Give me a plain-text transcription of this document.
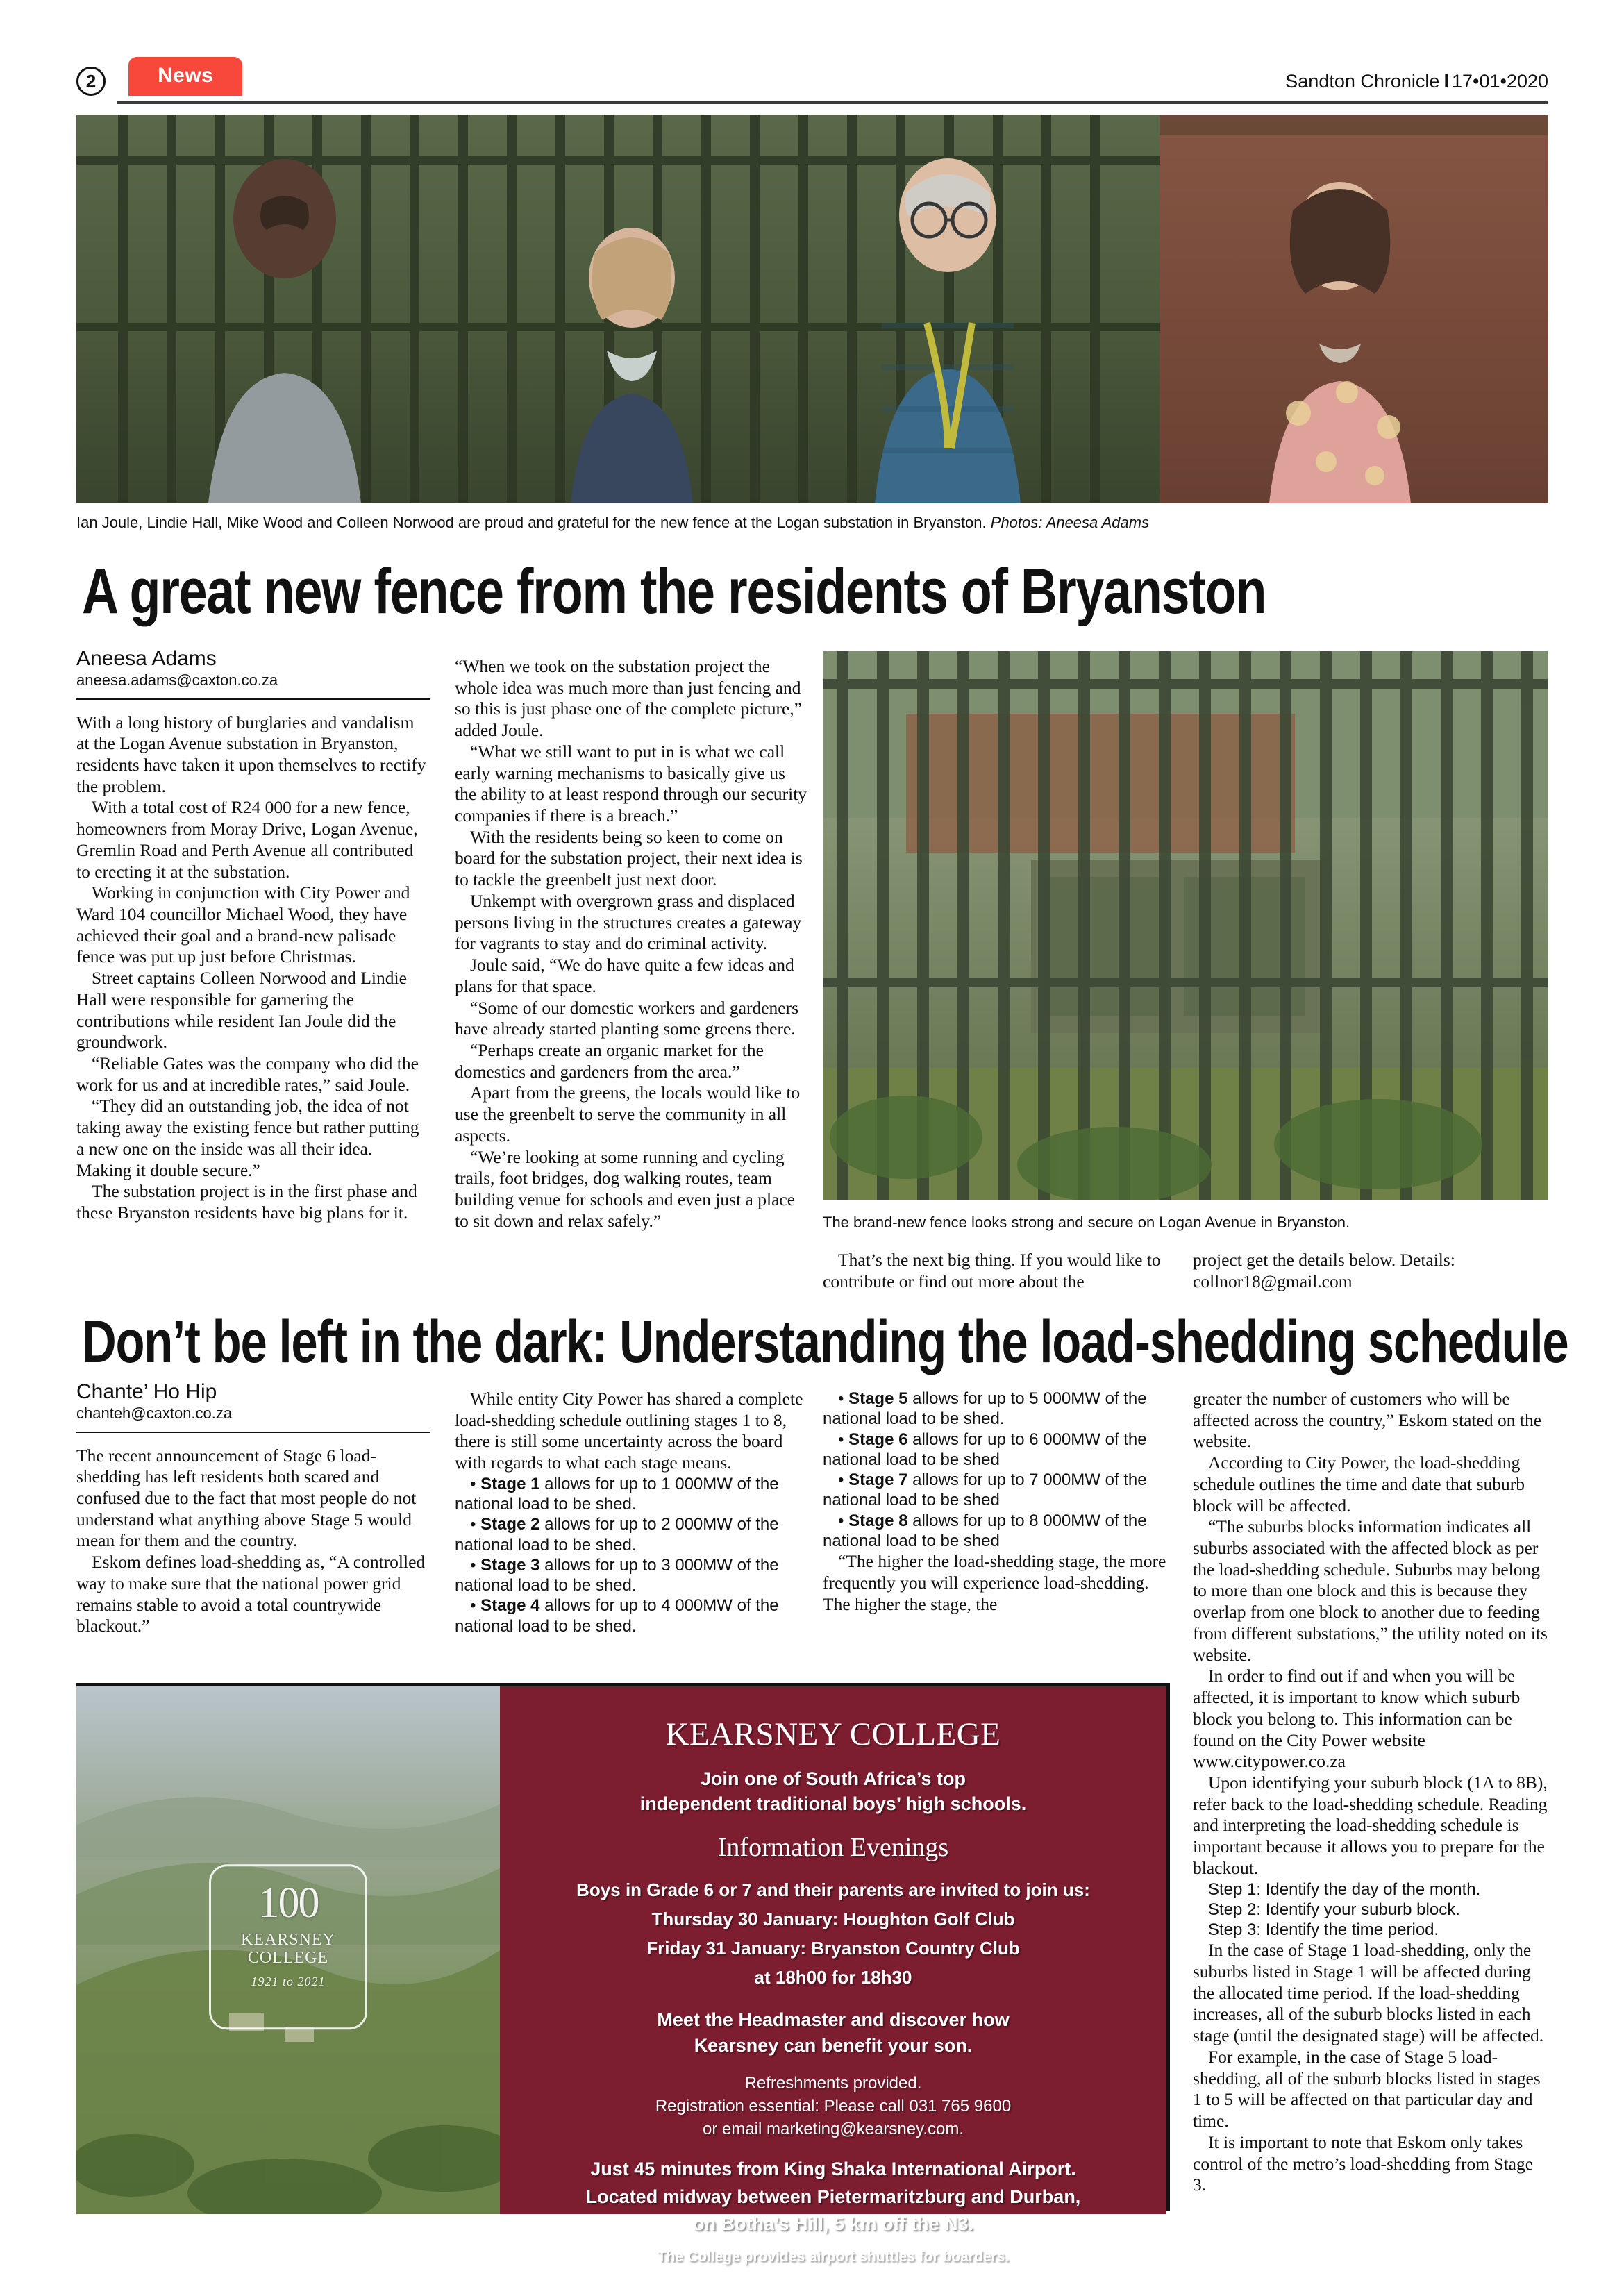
2	News	Sandton Chronicle l 17•01•2020
Ian Joule, Lindie Hall, Mike Wood and Colleen Norwood are proud and grateful for the new fence at the Logan substation in Bryanston. Photos: Aneesa Adams
A great new fence from the residents of Bryanston
Aneesa Adams
aneesa.adams@caxton.co.za

With a long history of burglaries and vandalism at the Logan Avenue substation in Bryanston, residents have taken it upon themselves to rectify the problem.

With a total cost of R24 000 for a new fence, homeowners from Moray Drive, Logan Avenue, Gremlin Road and Perth Avenue all contributed to erecting it at the substation.

Working in conjunction with City Power and Ward 104 councillor Michael Wood, they have achieved their goal and a brand-new palisade fence was put up just before Christmas.

Street captains Colleen Norwood and Lindie Hall were responsible for garnering the contributions while resident Ian Joule did the groundwork.

“Reliable Gates was the company who did the work for us and at incredible rates,” said Joule.

“They did an outstanding job, the idea of not taking away the existing fence but rather putting a new one on the inside was all their idea. Making it double secure.”

The substation project is in the first phase and these Bryanston residents have big plans for it.

“When we took on the substation project the whole idea was much more than just fencing and so this is just phase one of the complete picture,” added Joule.

“What we still want to put in is what we call early warning mechanisms to basically give us the ability to at least respond through our security companies if there is a breach.”

With the residents being so keen to come on board for the substation project, their next idea is to tackle the greenbelt just next door.

Unkempt with overgrown grass and displaced persons living in the structures creates a gateway for vagrants to stay and do criminal activity.

Joule said, “We do have quite a few ideas and plans for that space.

“Some of our domestic workers and gardeners have already started planting some greens there.

“Perhaps create an organic market for the domestics and gardeners from the area.”

Apart from the greens, the locals would like to use the greenbelt to serve the community in all aspects.

“We’re looking at some running and cycling trails, foot bridges, dog walking routes, team building venue for schools and even just a place to sit down and relax safely.”	The brand-new fence looks strong and secure on Logan Avenue in Bryanston.

That’s the next big thing. If you would like to contribute or find out more about the

project get the details below. Details: collnor18@gmail.com

Don’t be left in the dark: Understanding the load-shedding schedule
Chante’ Ho Hip
chanteh@caxton.co.za

The recent announcement of Stage 6 load-shedding has left residents both scared and confused due to the fact that most people do not understand what anything above Stage 5 would mean for them and the country.

Eskom defines load-shedding as, “A controlled way to make sure that the national power grid remains stable to avoid a total countrywide blackout.”

While entity City Power has shared a complete load-shedding schedule outlining stages 1 to 8, there is still some uncertainty across the board with regards to what each stage means.

• Stage 1 allows for up to 1 000MW of the national load to be shed.

• Stage 2 allows for up to 2 000MW of the national load to be shed.

• Stage 3 allows for up to 3 000MW of the national load to be shed.

• Stage 4 allows for up to 4 000MW of the national load to be shed.

• Stage 5 allows for up to 5 000MW of the national load to be shed.

• Stage 6 allows for up to 6 000MW of the national load to be shed

• Stage 7 allows for up to 7 000MW of the national load to be shed

• Stage 8 allows for up to 8 000MW of the national load to be shed

“The higher the load-shedding stage, the more frequently you will experience load-shedding. The higher the stage, the

greater the number of customers who will be affected across the country,” Eskom stated on the website.

According to City Power, the load-shedding schedule outlines the time and date that suburb block will be affected.

“The suburbs blocks information indicates all suburbs associated with the affected block as per the load-shedding schedule. Suburbs may belong to more than one block and this is because they overlap from one block to another due to feeding from different substations,” the utility noted on its website.

In order to find out if and when you will be affected, it is important to know which suburb block you belong to. This information can be found on the City Power website www.citypower.co.za

Upon identifying your suburb block (1A to 8B), refer back to the load-shedding schedule. Reading and interpreting the load-shedding schedule is important because it allows you to prepare for the blackout.

Step 1: Identify the day of the month.

Step 2: Identify your suburb block.

Step 3: Identify the time period.

In the case of Stage 1 load-shedding, only the suburbs listed in Stage 1 will be affected during the allocated time period. If the load-shedding increases, all of the suburb blocks listed in each stage (until the designated stage) will be affected.

For example, in the case of Stage 5 load-shedding, all of the suburb blocks listed in stages 1 to 5 will be affected on that particular day and time.

It is important to note that Eskom only takes control of the metro’s load-shedding from Stage 3.

100
KEARSNEY
COLLEGE
1921 to 2021
KEARSNEY COLLEGE
Join one of South Africa’s top
independent traditional boys’ high schools.
Information Evenings
Boys in Grade 6 or 7 and their parents are invited to join us:
Thursday 30 January: Houghton Golf Club
Friday 31 January: Bryanston Country Club
at 18h00 for 18h30
Meet the Headmaster and discover how
Kearsney can benefit your son.
Refreshments provided.
Registration essential: Please call 031 765 9600
or email marketing@kearsney.com.
Just 45 minutes from King Shaka International Airport.
Located midway between Pietermaritzburg and Durban,
on Botha’s Hill, 5 km off the N3.
The College provides airport shuttles for boarders.
